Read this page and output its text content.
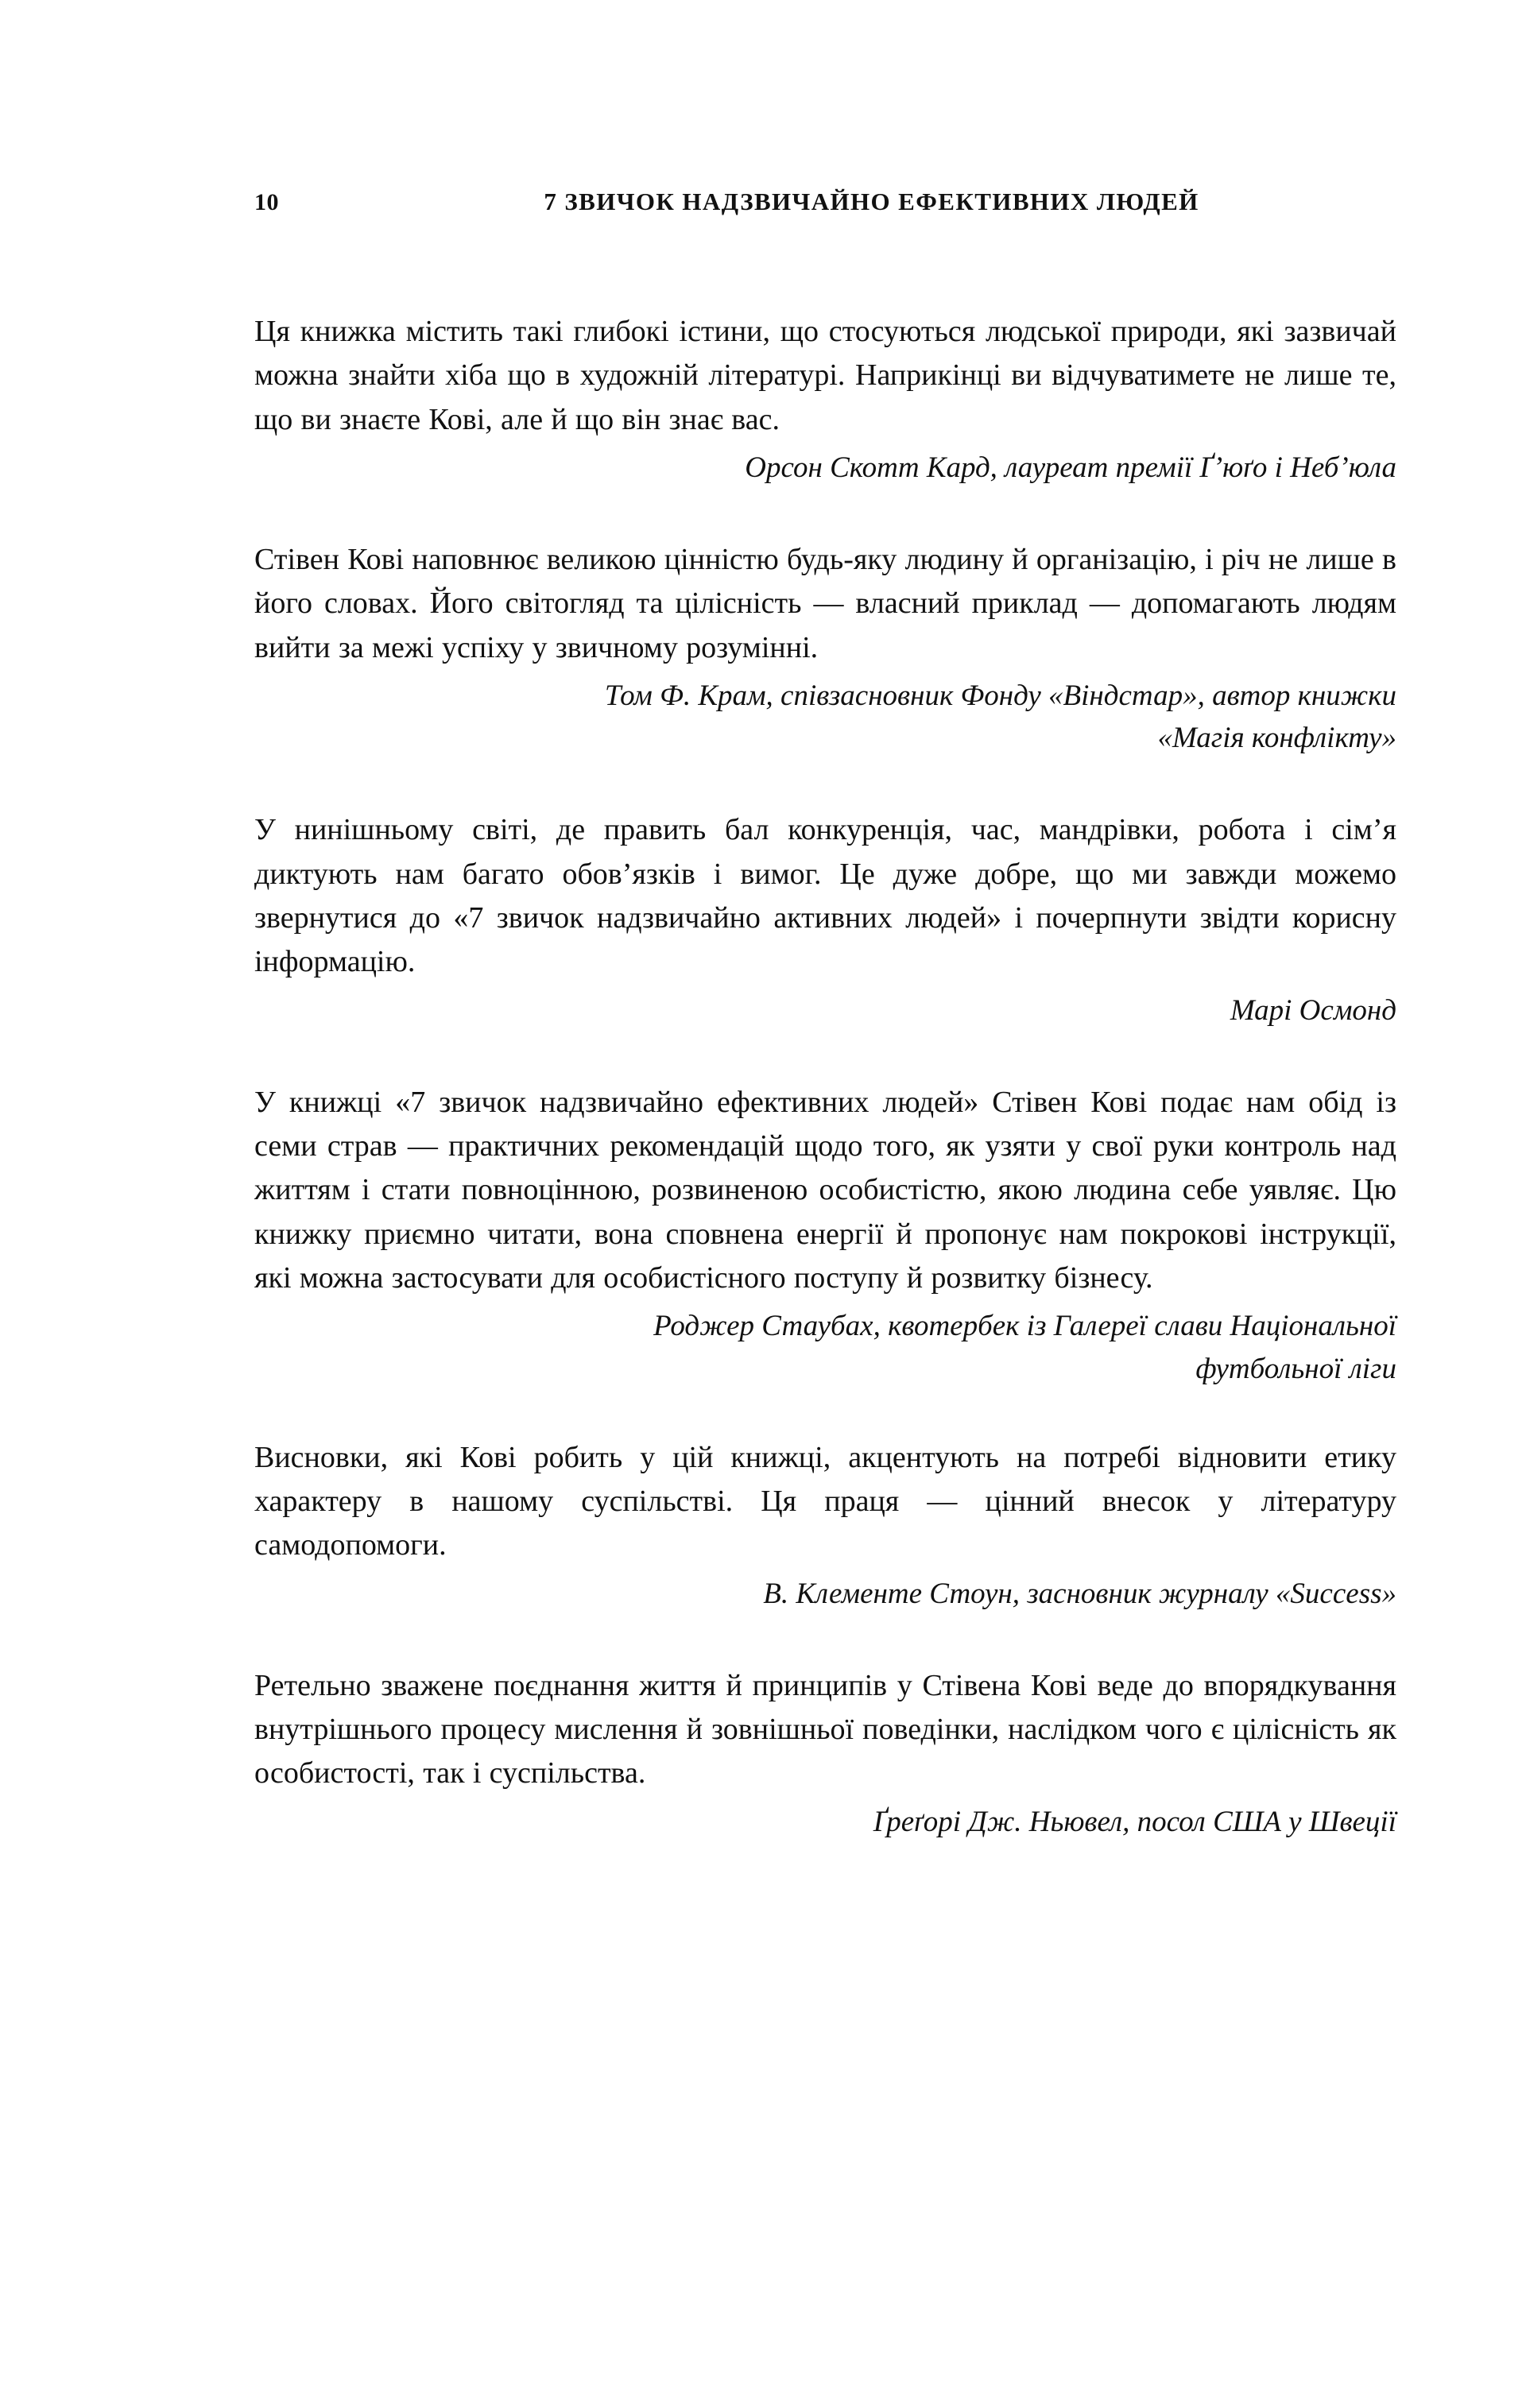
10	7 ЗВИЧОК НАДЗВИЧАЙНО ЕФЕКТИВНИХ ЛЮДЕЙ

Ця книжка містить такі глибокі істини, що стосуються людської природи, які зазвичай можна знайти хіба що в художній літературі. Наприкінці ви відчуватимете не лише те, що ви знаєте Кові, але й що він знає вас.

Орсон Скотт Кард, лауреат премії Ґ’юґо і Неб’юла

Стівен Кові наповнює великою цінністю будь-яку людину й організацію, і річ не лише в його словах. Його світогляд та цілісність — власний приклад — допомагають людям вийти за межі успіху у звичному розумінні.

Том Ф. Крам, співзасновник Фонду «Віндстар», автор книжки
«Магія конфлікту»

У нинішньому світі, де править бал конкуренція, час, мандрівки, робота і сім’я диктують нам багато обов’язків і вимог. Це дуже добре, що ми завжди можемо звернутися до «7 звичок надзвичайно активних людей» і почерпнути звідти корисну інформацію.

Марі Осмонд

У книжці «7 звичок надзвичайно ефективних людей» Стівен Кові подає нам обід із семи страв — практичних рекомендацій щодо того, як узяти у свої руки контроль над життям і стати повноцінною, розвиненою особистістю, якою людина себе уявляє. Цю книжку приємно читати, вона сповнена енергії й пропонує нам покрокові інструкції, які можна застосувати для особистісного поступу й розвитку бізнесу.

Роджер Стаубах, квотербек із Галереї слави Національної
футбольної ліги

Висновки, які Кові робить у цій книжці, акцентують на потребі відновити етику характеру в нашому суспільстві. Ця праця — цінний внесок у літературу самодопомоги.

В. Клементе Стоун, засновник журналу «Success»

Ретельно зважене поєднання життя й принципів у Стівена Кові веде до впорядкування внутрішнього процесу мислення й зовнішньої поведінки, наслідком чого є цілісність як особистості, так і суспільства.

Ґреґорі Дж. Ньювел, посол США у Швеції
